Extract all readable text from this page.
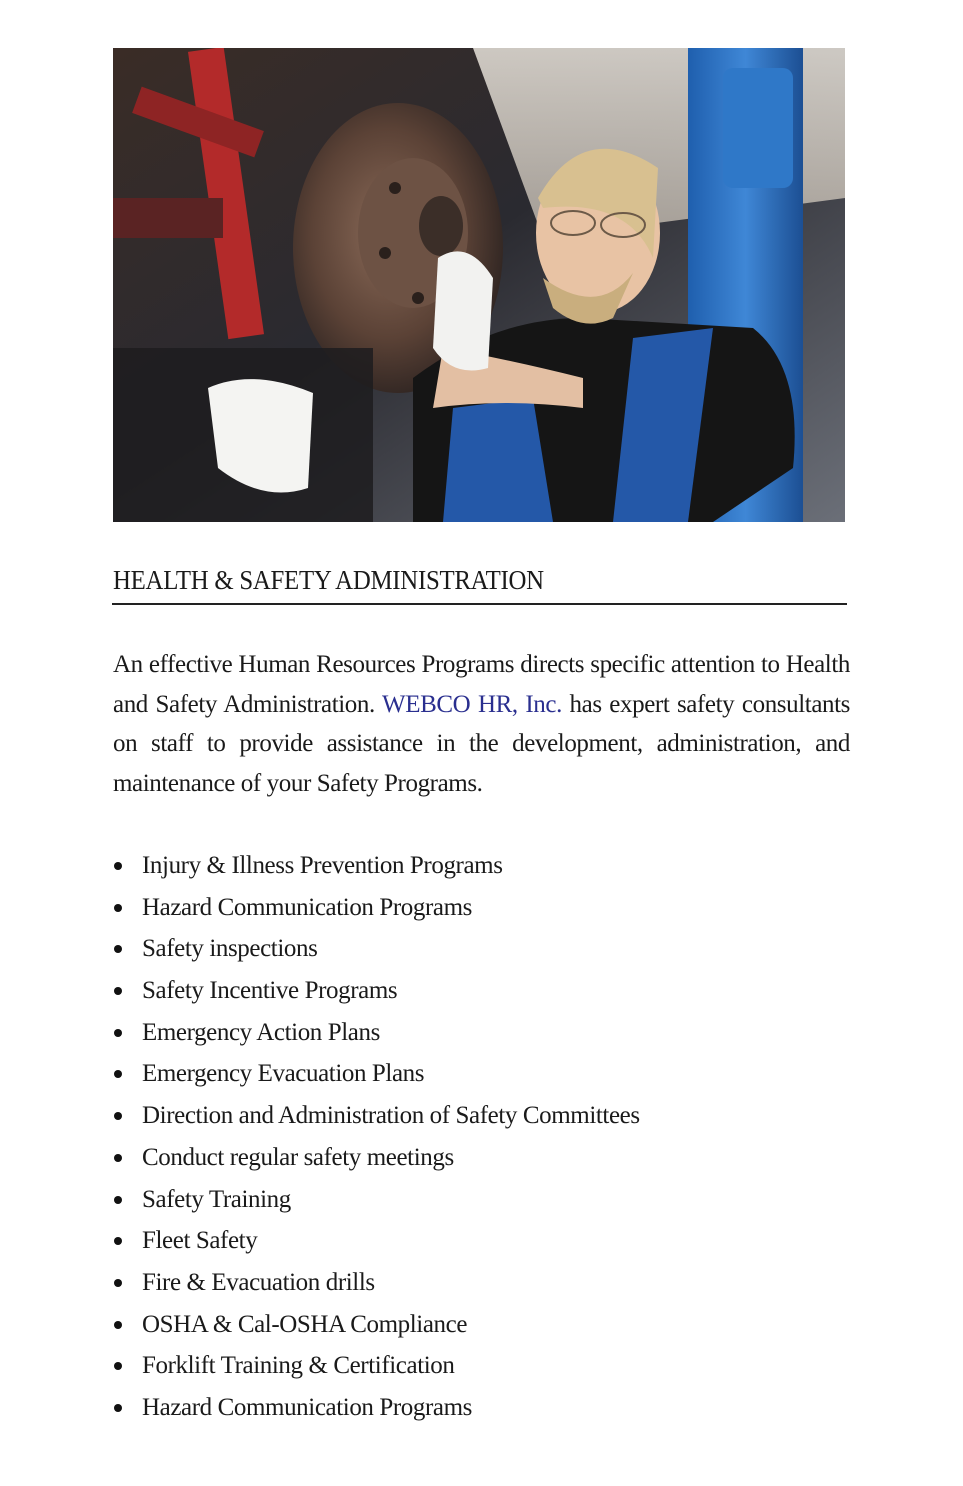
HEALTH & SAFETY ADMINISTRATION
An effective Human Resources Programs directs specific attention to Health and Safety Administration. WEBCO HR, Inc. has expert safety consultants on staff to provide assistance in the development, administration, and maintenance of your Safety Programs.
Injury & Illness Prevention Programs
Hazard Communication Programs
Safety inspections
Safety Incentive Programs
Emergency Action Plans
Emergency Evacuation Plans
Direction and Administration of Safety Committees
Conduct regular safety meetings
Safety Training
Fleet Safety
Fire & Evacuation drills
OSHA & Cal-OSHA Compliance
Forklift Training & Certification
Hazard Communication Programs
